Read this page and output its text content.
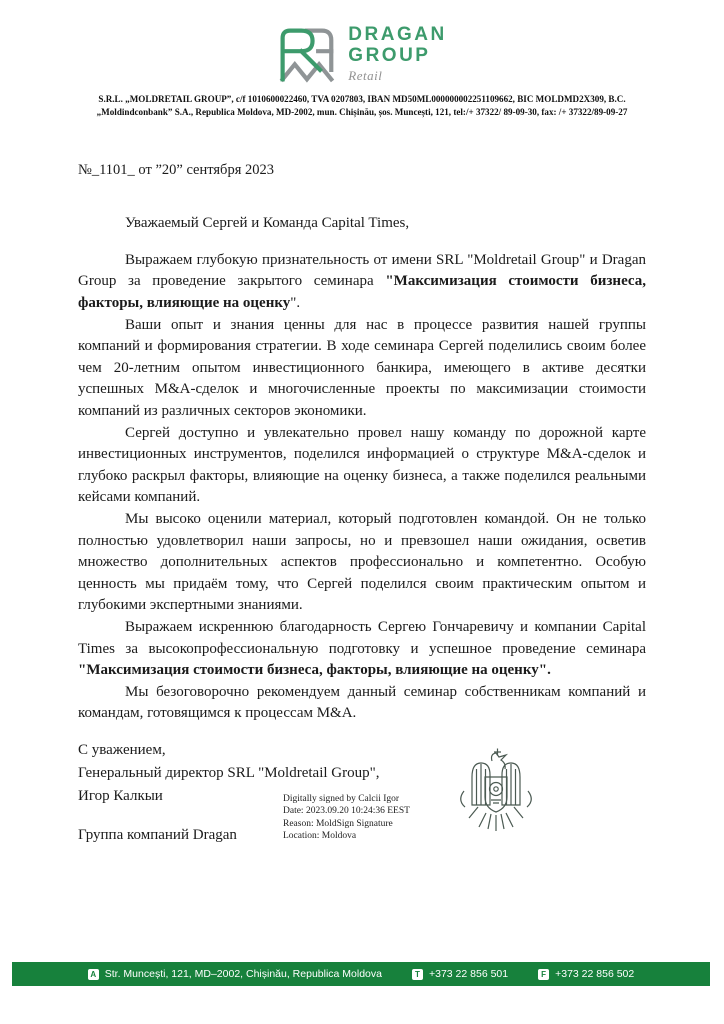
DRAGAN
GROUP
Retail
S.R.L. „MOLDRETAIL GROUP”, c/f 1010600022460, TVA 0207803, IBAN MD50ML000000002251109662, BIC MOLDMD2X309, B.C.
„Moldindconbank” S.A., Republica Moldova, MD-2002, mun. Chișinău, șos. Muncești, 121, tel:/+ 37322/ 89-09-30, fax: /+ 37322/89-09-27
№_1101_ от ”20” сентября 2023
Уважаемый Сергей и Команда Capital Times,

Выражаем глубокую признательность от имени SRL "Moldretail Group" и Dragan Group за проведение закрытого семинара "Максимизация стоимости бизнеса, факторы, влияющие на оценку".

Ваши опыт и знания ценны для нас в процессе развития нашей группы компаний и формирования стратегии. В ходе семинара Сергей поделились своим более чем 20-летним опытом инвестиционного банкира, имеющего в активе десятки успешных M&A-сделок и многочисленные проекты по максимизации стоимости компаний из различных секторов экономики.

Сергей доступно и увлекательно провел нашу команду по дорожной карте инвестиционных инструментов, поделился информацией о структуре M&A-сделок и глубоко раскрыл факторы, влияющие на оценку бизнеса, а также поделился реальными кейсами компаний.

Мы высоко оценили материал, который подготовлен командой. Он не только полностью удовлетворил наши запросы, но и превзошел наши ожидания, осветив множество дополнительных аспектов профессионально и компетентно. Особую ценность мы придаём тому, что Сергей поделился своим практическим опытом и глубокими экспертными знаниями.

Выражаем искреннюю благодарность Сергею Гончаревичу и компании Capital Times за высокопрофессиональную подготовку и успешное проведение семинара "Максимизация стоимости бизнеса, факторы, влияющие на оценку".

Мы безоговорочно рекомендуем данный семинар собственникам компаний и командам, готовящимся к процессам M&A.

С уважением,
Генеральный директор SRL "Moldretail Group",
Игор Калкыи
Группа компаний Dragan
Digitally signed by Calcii Igor
Date: 2023.09.20 10:24:36 EEST
Reason: MoldSign Signature
Location: Moldova
A Str. Muncești, 121, MD–2002, Chișinău, Republica Moldova	T +373 22 856 501	F +373 22 856 502
